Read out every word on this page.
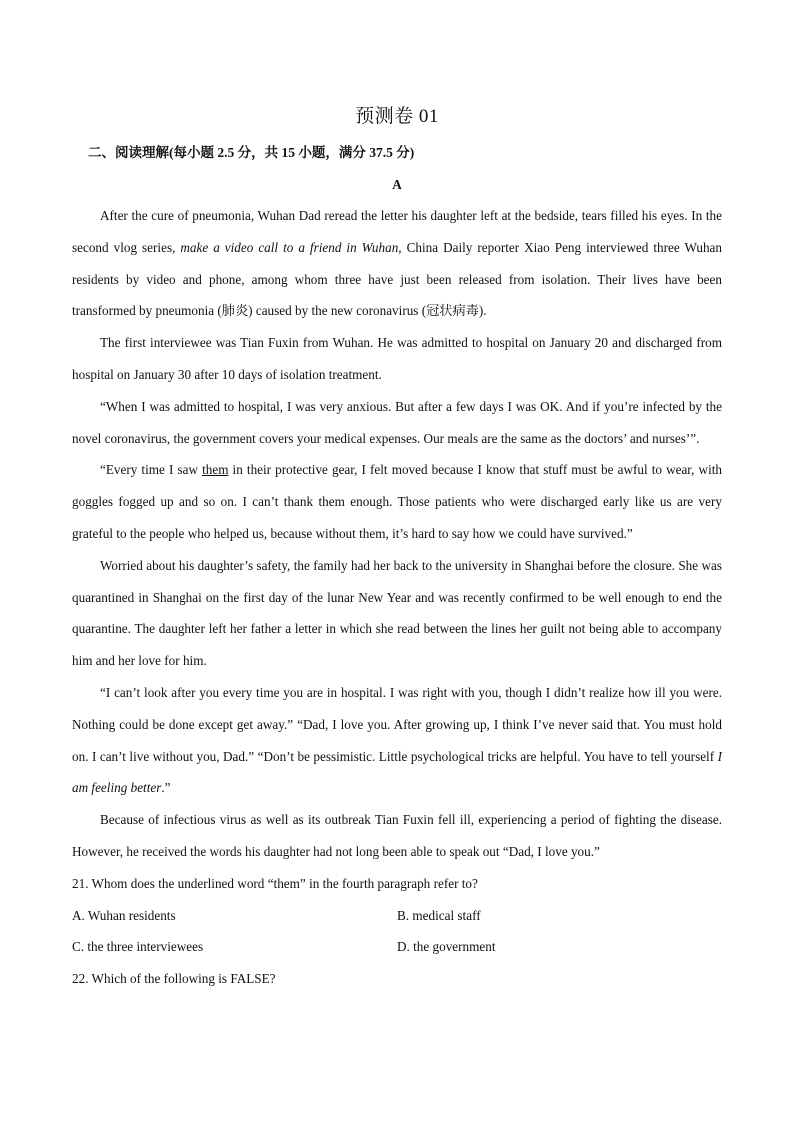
预测卷 01
二、阅读理解(每小题 2.5 分，共 15 小题，满分 37.5 分)
A

After the cure of pneumonia, Wuhan Dad reread the letter his daughter left at the bedside, tears filled his eyes. In the second vlog series, make a video call to a friend in Wuhan, China Daily reporter Xiao Peng interviewed three Wuhan residents by video and phone, among whom three have just been released from isolation. Their lives have been transformed by pneumonia (肺炎) caused by the new coronavirus (冠状病毒).

The first interviewee was Tian Fuxin from Wuhan. He was admitted to hospital on January 20 and discharged from hospital on January 30 after 10 days of isolation treatment.

“When I was admitted to hospital, I was very anxious. But after a few days I was OK. And if you’re infected by the novel coronavirus, the government covers your medical expenses. Our meals are the same as the doctors’ and nurses’”.

“Every time I saw them in their protective gear, I felt moved because I know that stuff must be awful to wear, with goggles fogged up and so on. I can’t thank them enough. Those patients who were discharged early like us are very grateful to the people who helped us, because without them, it’s hard to say how we could have survived.”

Worried about his daughter’s safety, the family had her back to the university in Shanghai before the closure. She was quarantined in Shanghai on the first day of the lunar New Year and was recently confirmed to be well enough to end the quarantine. The daughter left her father a letter in which she read between the lines her guilt not being able to accompany him and her love for him.

“I can’t look after you every time you are in hospital. I was right with you, though I didn’t realize how ill you were. Nothing could be done except get away.” “Dad, I love you. After growing up, I think I’ve never said that. You must hold on. I can’t live without you, Dad.” “Don’t be pessimistic. Little psychological tricks are helpful. You have to tell yourself I am feeling better.”

Because of infectious virus as well as its outbreak Tian Fuxin fell ill, experiencing a period of fighting the disease. However, he received the words his daughter had not long been able to speak out “Dad, I love you.”

21. Whom does the underlined word “them” in the fourth paragraph refer to?

A. Wuhan residents	B. medical staff
C. the three interviewees	D. the government

22. Which of the following is FALSE?
